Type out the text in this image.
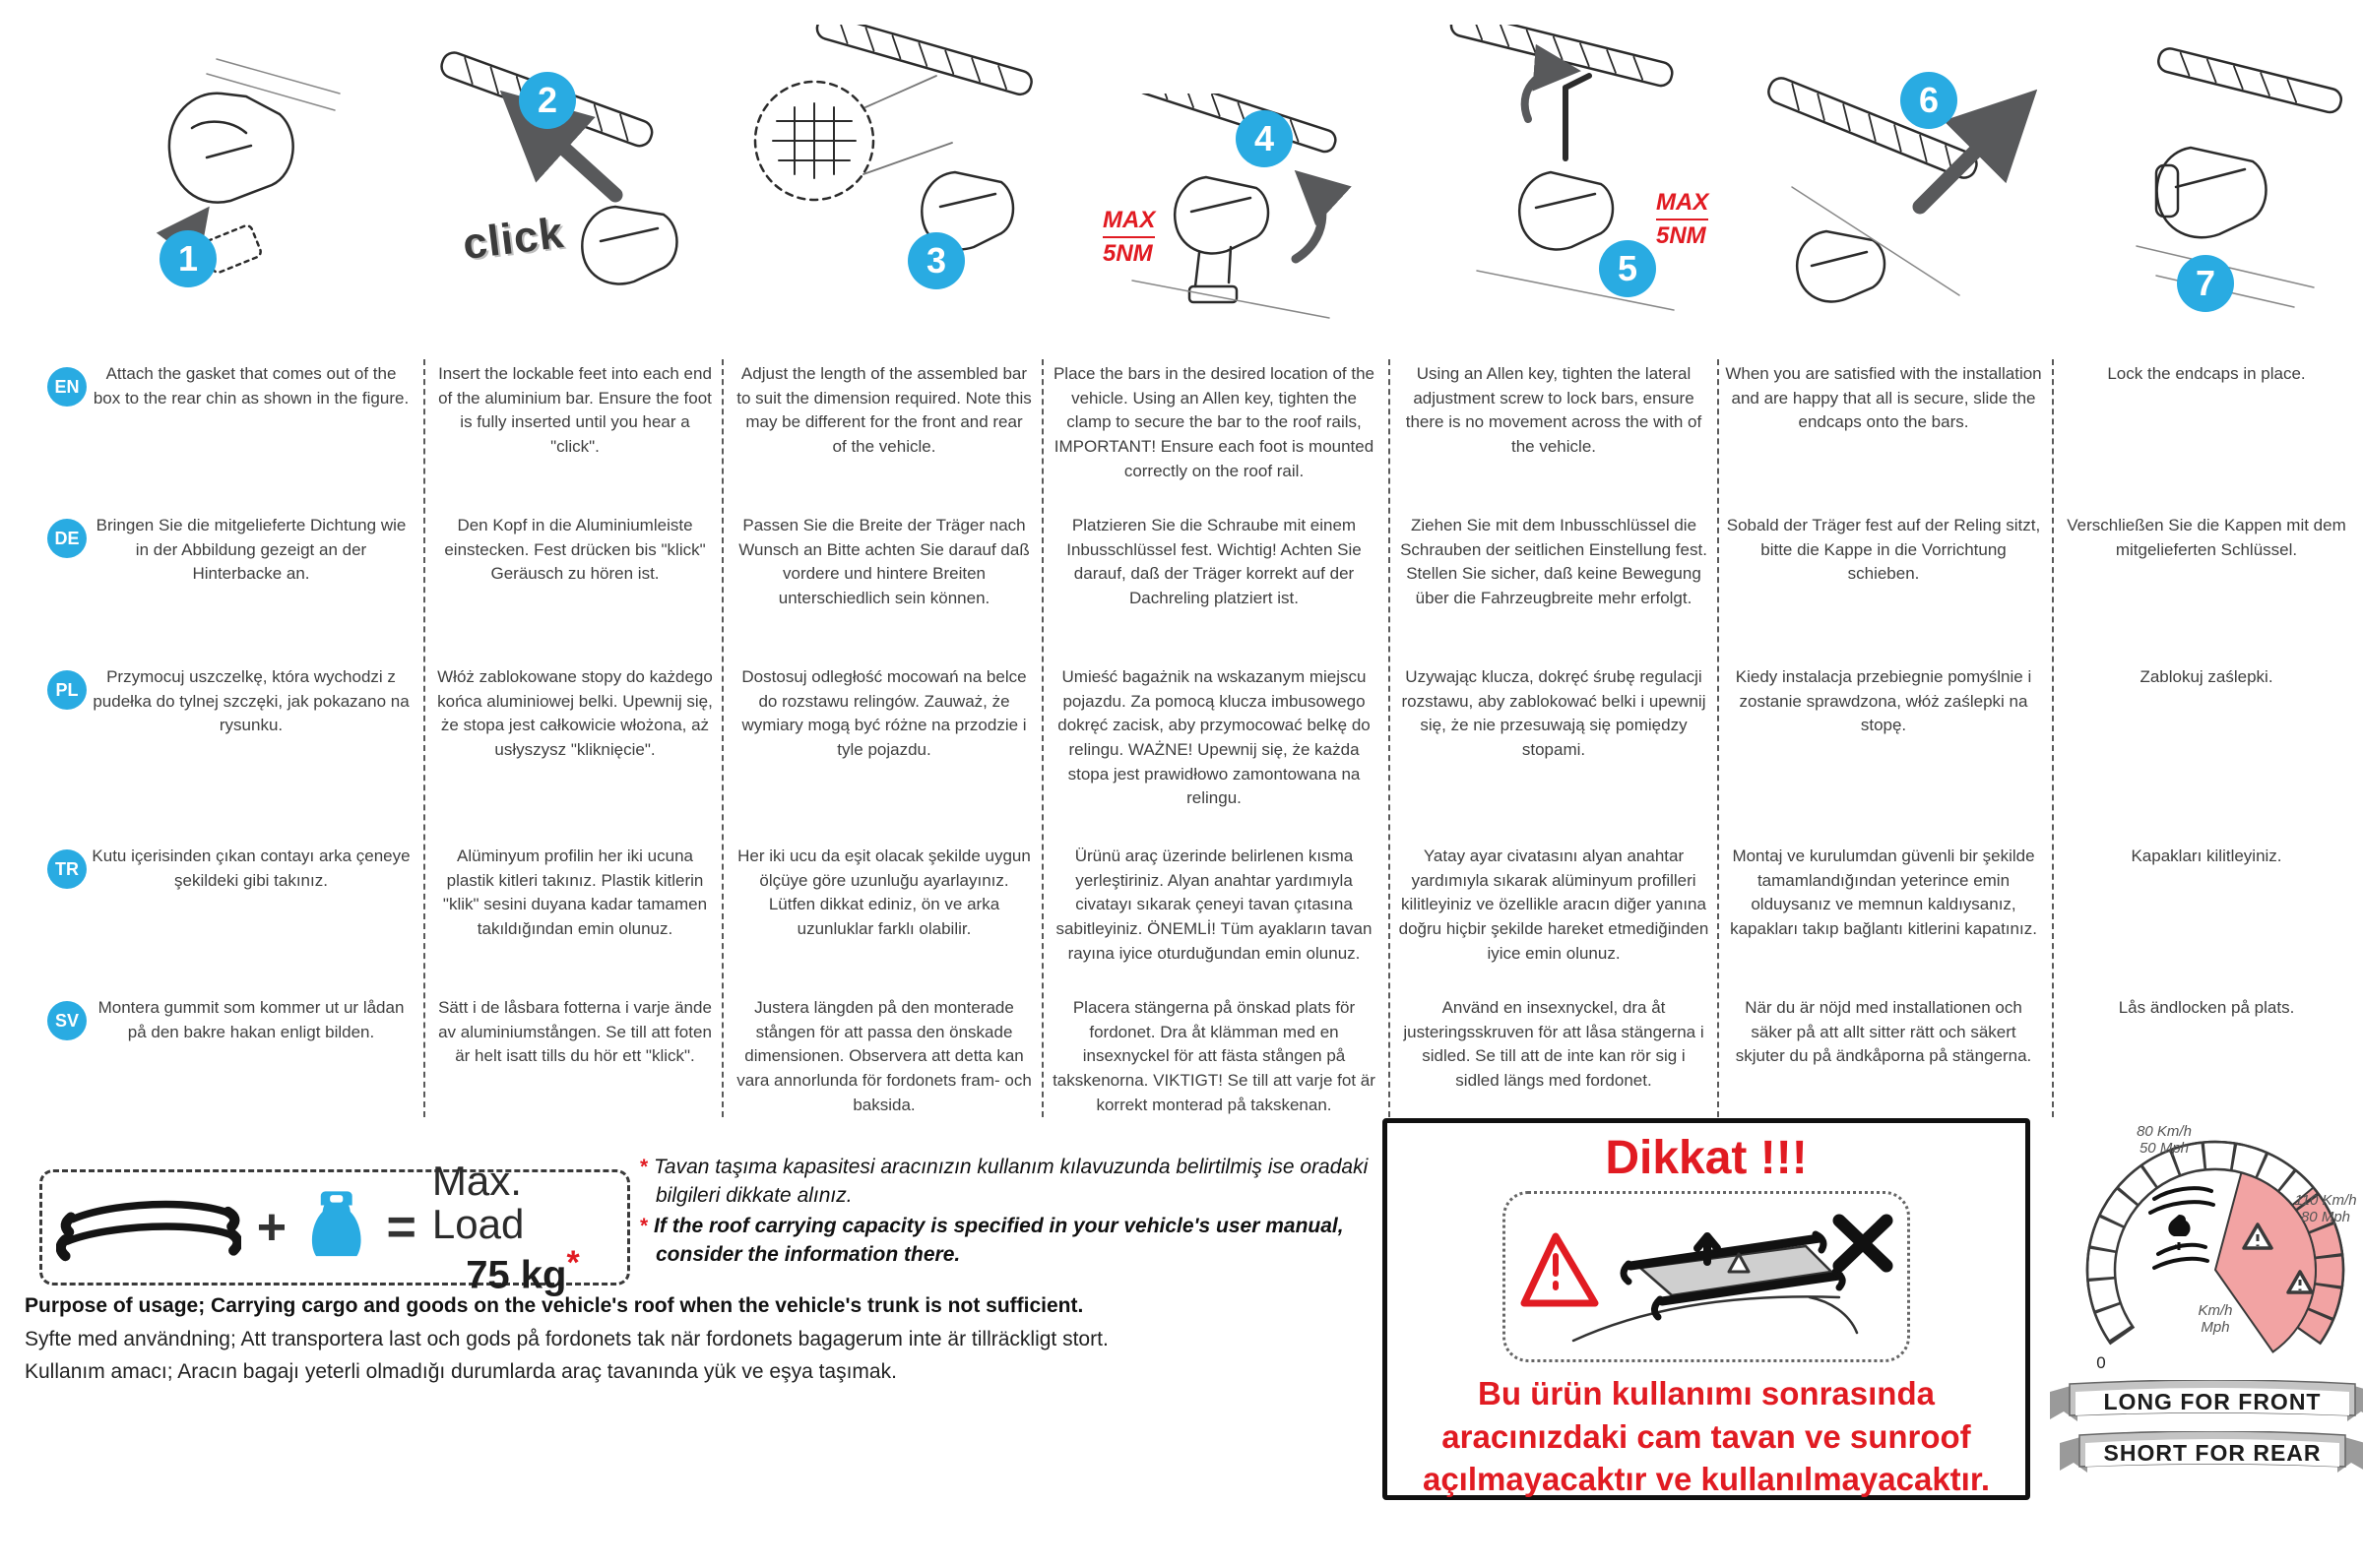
1
2
3
4
5
6
7
click	MAX
5NM
MAX
5NM
EN
DE
PL
TR
SV
Attach the gasket that comes out of the box to the rear chin as shown in the figure.
Bringen Sie die mitgelieferte Dichtung wie in der Abbildung gezeigt an der Hinterbacke an.
Przymocuj uszczelkę, która wychodzi z pudełka do tylnej szczęki, jak pokazano na rysunku.
Kutu içerisinden çıkan contayı arka çeneye şekildeki gibi takınız.
Montera gummit som kommer ut ur lådan på den bakre hakan enligt bilden.
Insert the lockable feet into each end of the aluminium bar. Ensure the foot is fully inserted until you hear a "click".
Den Kopf in die Aluminiumleiste einstecken. Fest drücken bis "klick" Geräusch zu hören ist.
Włóż zablokowane stopy do każdego końca aluminiowej belki. Upewnij się, że stopa jest całkowicie włożona, aż usłyszysz "kliknięcie".
Alüminyum profilin her iki ucuna plastik kitleri takınız. Plastik kitlerin "klik" sesini duyana kadar tamamen takıldığından emin olunuz.
Sätt i de låsbara fotterna i varje ände av aluminiumstången. Se till att foten är helt isatt tills du hör ett "klick".
Adjust the length of the assembled bar to suit the dimension required. Note this may be different for the front and rear of the vehicle.
Passen Sie die Breite der Träger nach Wunsch an Bitte achten Sie darauf daß vordere und hintere Breiten unterschiedlich sein können.
Dostosuj odległość mocowań na belce do rozstawu relingów. Zauważ, że wymiary mogą być różne na przodzie i tyle pojazdu.
Her iki ucu da eşit olacak şekilde uygun ölçüye göre uzunluğu ayarlayınız. Lütfen dikkat ediniz, ön ve arka uzunluklar farklı olabilir.
Justera längden på den monterade stången för att passa den önskade dimensionen. Observera att detta kan vara annorlunda för fordonets fram- och baksida.
Place the bars in the desired location of the vehicle. Using an Allen key, tighten the clamp to secure the bar to the roof rails, IMPORTANT! Ensure each foot is mounted correctly on the roof rail.
Platzieren Sie die Schraube mit einem Inbusschlüssel fest. Wichtig! Achten Sie darauf, daß der Träger korrekt auf der Dachreling platziert ist.
Umieść bagażnik na wskazanym miejscu pojazdu. Za pomocą klucza imbusowego dokręć zacisk, aby przymocować belkę do relingu. WAŻNE! Upewnij się, że każda stopa jest prawidłowo zamontowana na relingu.
Ürünü araç üzerinde belirlenen kısma yerleştiriniz. Alyan anahtar yardımıyla civatayı sıkarak çeneyi tavan çıtasına sabitleyiniz. ÖNEMLİ! Tüm ayakların tavan rayına iyice oturduğundan emin olunuz.
Placera stängerna på önskad plats för fordonet. Dra åt klämman med en insexnyckel för att fästa stången på takskenorna. VIKTIGT! Se till att varje fot är korrekt monterad på takskenan.
Using an Allen key, tighten the lateral adjustment screw to lock bars, ensure there is no movement across the with of the vehicle.
Ziehen Sie mit dem Inbusschlüssel die Schrauben der seitlichen Einstellung fest. Stellen Sie sicher, daß keine Bewegung über die Fahrzeugbreite mehr erfolgt.
Uzywając klucza, dokręć śrubę regulacji rozstawu, aby zablokować belki i upewnij się, że nie przesuwają się pomiędzy stopami.
Yatay ayar civatasını alyan anahtar yardımıyla sıkarak alüminyum profilleri kilitleyiniz ve özellikle aracın diğer yanına doğru hiçbir şekilde hareket etmediğinden iyice emin olunuz.
Använd en insexnyckel, dra åt justeringsskruven för att låsa stängerna i sidled. Se till att de inte kan rör sig i sidled längs med fordonet.
When you are satisfied with the installation and are happy that all is secure, slide the endcaps onto the bars.
Sobald der Träger fest auf der Reling sitzt, bitte die Kappe in die Vorrichtung schieben.
Kiedy instalacja przebiegnie pomyślnie i zostanie sprawdzona, włóż zaślepki na stopę.
Montaj ve kurulumdan güvenli bir şekilde tamamlandığından yeterince emin olduysanız ve memnun kaldıysanız, kapakları takıp bağlantı kitlerini kapatınız.
När du är nöjd med installationen och säker på att allt sitter rätt och säkert skjuter du på ändkåporna på stängerna.
Lock the endcaps in place.
Verschließen Sie die Kappen mit dem mitgelieferten Schlüssel.
Zablokuj zaślepki.
Kapakları kilitleyiniz.
Lås ändlocken på plats.
+ =
Max. Load
75 kg*

* Tavan taşıma kapasitesi aracınızın kullanım kılavuzunda belirtilmiş ise oradaki bilgileri dikkate alınız.

* If the roof carrying capacity is specified in your vehicle's user manual, consider the information there.

Purpose of usage; Carrying cargo and goods on the vehicle's roof when the vehicle's trunk is not sufficient.
Syfte med användning; Att transportera last och gods på fordonets tak när fordonets bagagerum inte är tillräckligt stort.
Kullanım amacı; Aracın bagajı yeterli olmadığı durumlarda araç tavanında yük ve eşya taşımak.
Dikkat !!!
Bu ürün kullanımı sonrasında
aracınızdaki cam tavan ve sunroof
açılmayacaktır ve kullanılmayacaktır.
80 Km/h
50 Mph
110 Km/h
80 Mph
Km/h
Mph
0
LONG FOR FRONT
SHORT FOR REAR
